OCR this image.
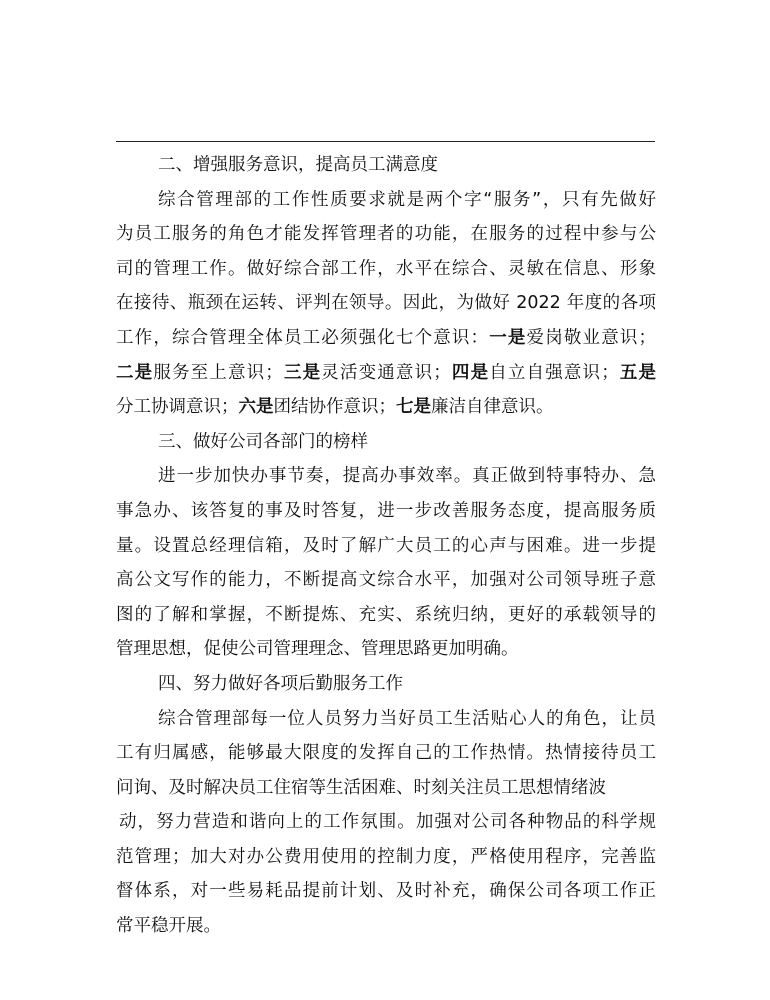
二、增强服务意识，提高员工满意度
综合管理部的工作性质要求就是两个字“服务”，只有先做好
为员工服务的角色才能发挥管理者的功能，在服务的过程中参与公
司的管理工作。做好综合部工作，水平在综合、灵敏在信息、形象
在接待、瓶颈在运转、评判在领导。因此，为做好 2022 年度的各项
工作，综合管理全体员工必须强化七个意识：一是爱岗敬业意识；
二是服务至上意识；三是灵活变通意识；四是自立自强意识；五是
分工协调意识；六是团结协作意识；七是廉洁自律意识。
三、做好公司各部门的榜样
进一步加快办事节奏，提高办事效率。真正做到特事特办、急
事急办、该答复的事及时答复，进一步改善服务态度，提高服务质
量。设置总经理信箱，及时了解广大员工的心声与困难。进一步提
高公文写作的能力，不断提高文综合水平，加强对公司领导班子意
图的了解和掌握，不断提炼、充实、系统归纳，更好的承载领导的
管理思想，促使公司管理理念、管理思路更加明确。
四、努力做好各项后勤服务工作
综合管理部每一位人员努力当好员工生活贴心人的角色，让员
工有归属感，能够最大限度的发挥自己的工作热情。热情接待员工
问询、及时解决员工住宿等生活困难、时刻关注员工思想情绪波
动，努力营造和谐向上的工作氛围。加强对公司各种物品的科学规
范管理；加大对办公费用使用的控制力度，严格使用程序，完善监
督体系，对一些易耗品提前计划、及时补充，确保公司各项工作正
常平稳开展。
